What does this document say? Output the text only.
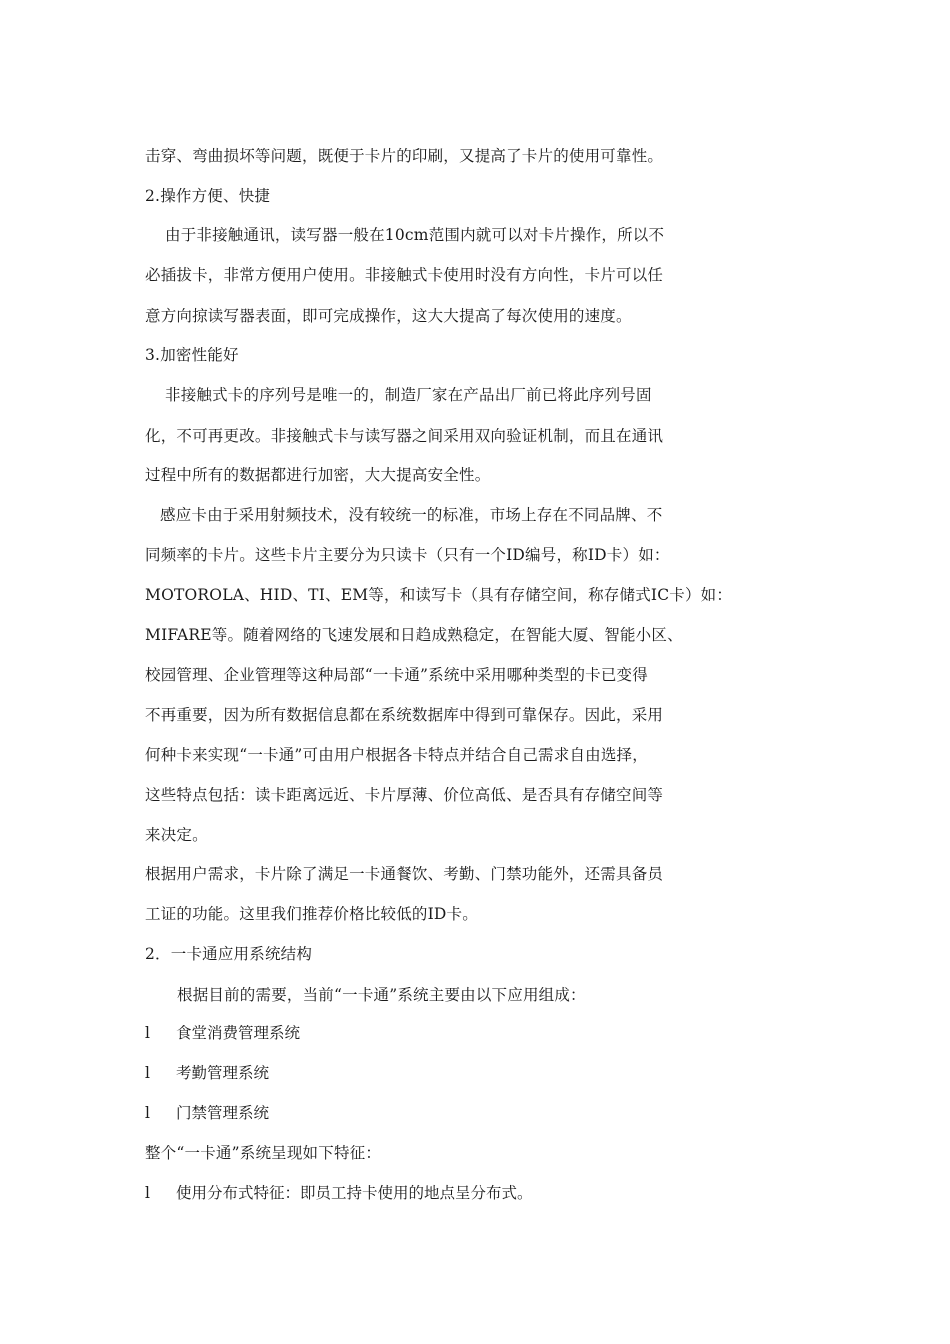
击穿、弯曲损坏等问题，既便于卡片的印刷，又提高了卡片的使用可靠性。
2.操作方便、快捷
由于非接触通讯，读写器一般在10cm范围内就可以对卡片操作，所以不
必插拔卡，非常方便用户使用。非接触式卡使用时没有方向性，卡片可以任
意方向掠读写器表面，即可完成操作，这大大提高了每次使用的速度。
3.加密性能好
非接触式卡的序列号是唯一的，制造厂家在产品出厂前已将此序列号固
化，不可再更改。非接触式卡与读写器之间采用双向验证机制，而且在通讯
过程中所有的数据都进行加密，大大提高安全性。
感应卡由于采用射频技术，没有较统一的标准，市场上存在不同品牌、不
同频率的卡片。这些卡片主要分为只读卡（只有一个ID编号，称ID卡）如：
MOTOROLA、HID、TI、EM等，和读写卡（具有存储空间，称存储式IC卡）如：
MIFARE等。随着网络的飞速发展和日趋成熟稳定，在智能大厦、智能小区、
校园管理、企业管理等这种局部“一卡通”系统中采用哪种类型的卡已变得
不再重要，因为所有数据信息都在系统数据库中得到可靠保存。因此，采用
何种卡来实现“一卡通”可由用户根据各卡特点并结合自己需求自由选择，
这些特点包括：读卡距离远近、卡片厚薄、价位高低、是否具有存储空间等
来决定。
根据用户需求，卡片除了满足一卡通餐饮、考勤、门禁功能外，还需具备员
工证的功能。这里我们推荐价格比较低的ID卡。
2．一卡通应用系统结构
根据目前的需要，当前“一卡通”系统主要由以下应用组成：
l 食堂消费管理系统
l 考勤管理系统
l 门禁管理系统
整个“一卡通”系统呈现如下特征：
l 使用分布式特征：即员工持卡使用的地点呈分布式。
